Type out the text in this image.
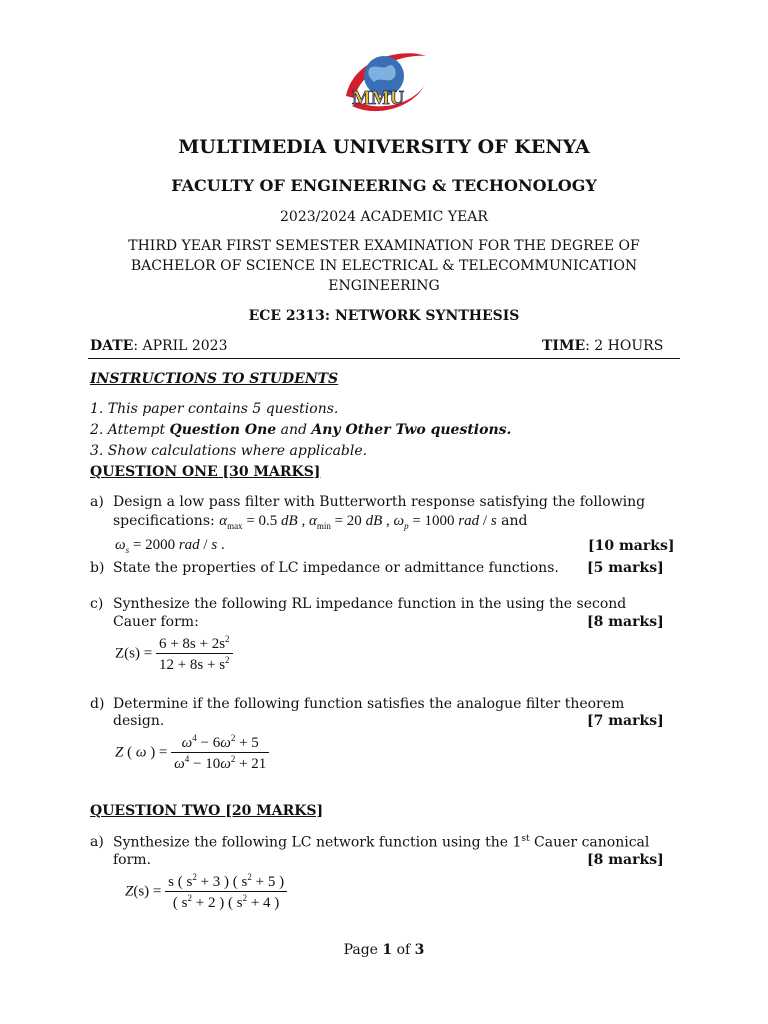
MMU
MULTIMEDIA UNIVERSITY OF KENYA
FACULTY OF ENGINEERING & TECHONOLOGY
2023/2024 ACADEMIC YEAR
THIRD YEAR FIRST SEMESTER EXAMINATION FOR THE DEGREE OF
BACHELOR OF SCIENCE IN ELECTRICAL & TELECOMMUNICATION
ENGINEERING
ECE 2313: NETWORK SYNTHESIS
DATE: APRIL 2023	TIME: 2 HOURS
INSTRUCTIONS TO STUDENTS
1. This paper contains 5 questions.
2. Attempt Question One and Any Other Two questions.
3. Show calculations where applicable.
QUESTION ONE [30 MARKS]
a) Design a low pass filter with Butterworth response satisfying the following
specifications: $\alpha_{max} = 0.5$ dB , $\alpha_{min} = 20$ dB , $\omega_p = 1000$ rad / s and
$\omega_s = 2000$ rad / s .	[10 marks]
b) State the properties of LC impedance or admittance functions. [5 marks]
c) Synthesize the following RL impedance function in the using the second
Cauer form:	[8 marks]
$Z(s) = \frac{6 + 8s + 2s^2}{12 + 8s + s^2}$
d) Determine if the following function satisfies the analogue filter theorem
design.	[7 marks]
Z ( ω ) = $\frac{\omega^4 - 6\omega^2 + 5}{\omega^4 - 10\omega^2 + 21}$
QUESTION TWO [20 MARKS]
a) Synthesize the following LC network function using the 1st Cauer canonical
form.	[8 marks]
$Z(s) = \frac{s ( s^2 + 3 ) ( s^2 + 5 )}{( s^2 + 2 ) ( s^2 + 4 )}$
Page 1 of 3
